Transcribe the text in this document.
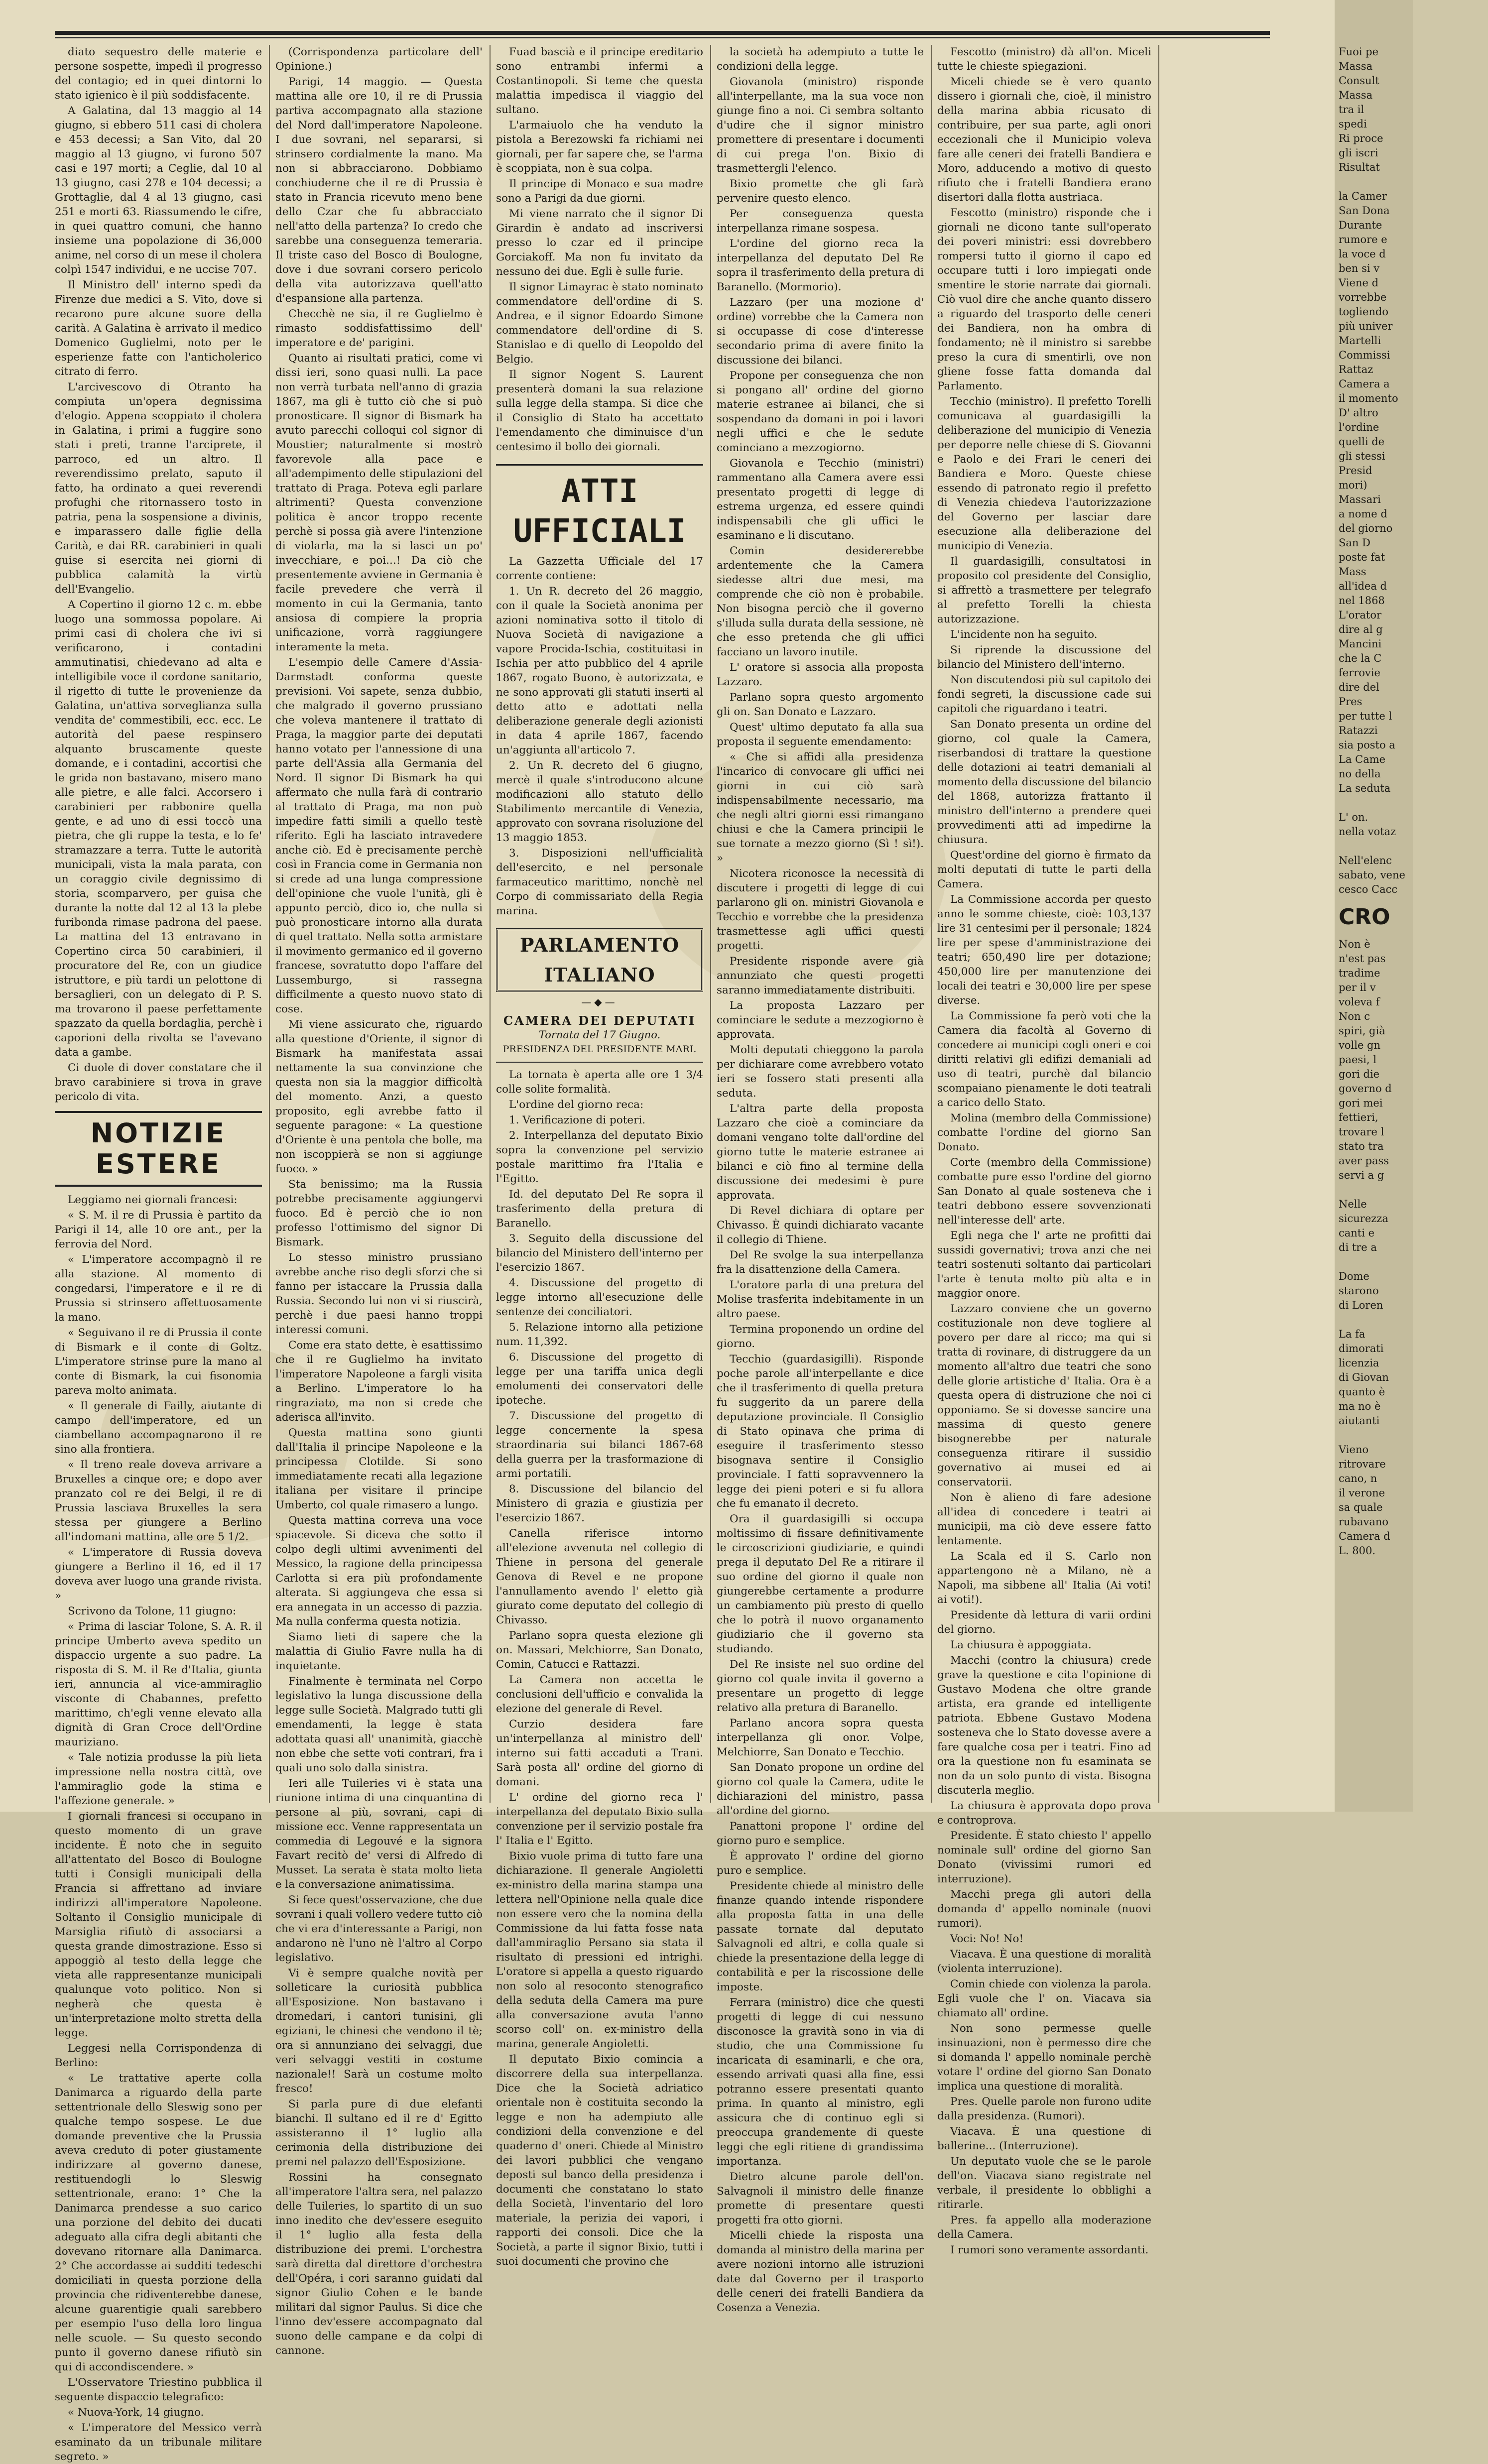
diato sequestro delle materie e persone sospette, impedì il progresso del contagio; ed in quei dintorni lo stato igienico è il più soddisfacente.

A Galatina, dal 13 maggio al 14 giugno, si ebbero 511 casi di cholera e 453 decessi; a San Vito, dal 20 maggio al 13 giugno, vi furono 507 casi e 197 morti; a Ceglie, dal 10 al 13 giugno, casi 278 e 104 decessi; a Grottaglie, dal 4 al 13 giugno, casi 251 e morti 63. Riassumendo le cifre, in quei quattro comuni, che hanno insieme una popolazione di 36,000 anime, nel corso di un mese il cholera colpì 1547 individui, e ne uccise 707.

Il Ministro dell' interno spedì da Firenze due medici a S. Vito, dove si recarono pure alcune suore della carità. A Galatina è arrivato il medico Domenico Guglielmi, noto per le esperienze fatte con l'anticholerico citrato di ferro.

L'arcivescovo di Otranto ha compiuta un'opera degnissima d'elogio. Appena scoppiato il cholera in Galatina, i primi a fuggire sono stati i preti, tranne l'arciprete, il parroco, ed un altro. Il reverendissimo prelato, saputo il fatto, ha ordinato a quei reverendi profughi che ritornassero tosto in patria, pena la sospensione a divinis, e imparassero dalle figlie della Carità, e dai RR. carabinieri in quali guise si esercita nei giorni di pubblica calamità la virtù dell'Evangelio.

A Copertino il giorno 12 c. m. ebbe luogo una sommossa popolare. Ai primi casi di cholera che ivi si verificarono, i contadini ammutinatisi, chiedevano ad alta e intelligibile voce il cordone sanitario, il rigetto di tutte le provenienze da Galatina, un'attiva sorveglianza sulla vendita de' commestibili, ecc. ecc. Le autorità del paese respinsero alquanto bruscamente queste domande, e i contadini, accortisi che le grida non bastavano, misero mano alle pietre, e alle falci. Accorsero i carabinieri per rabbonire quella gente, e ad uno di essi toccò una pietra, che gli ruppe la testa, e lo fe' stramazzare a terra. Tutte le autorità municipali, vista la mala parata, con un coraggio civile degnissimo di storia, scomparvero, per guisa che durante la notte dal 12 al 13 la plebe furibonda rimase padrona del paese. La mattina del 13 entravano in Copertino circa 50 carabinieri, il procuratore del Re, con un giudice istruttore, e più tardi un pelottone di bersaglieri, con un delegato di P. S. ma trovarono il paese perfettamente spazzato da quella bordaglia, perchè i caporioni della rivolta se l'avevano data a gambe.

Ci duole di dover constatare che il bravo carabiniere si trova in grave pericolo di vita.

NOTIZIE ESTERE

Leggiamo nei giornali francesi:

« S. M. il re di Prussia è partito da Parigi il 14, alle 10 ore ant., per la ferrovia del Nord.

« L'imperatore accompagnò il re alla stazione. Al momento di congedarsi, l'imperatore e il re di Prussia si strinsero affettuosamente la mano.

« Seguivano il re di Prussia il conte di Bismark e il conte di Goltz. L'imperatore strinse pure la mano al conte di Bismark, la cui fisonomia pareva molto animata.

« Il generale di Failly, aiutante di campo dell'imperatore, ed un ciambellano accompagnarono il re sino alla frontiera.

« Il treno reale doveva arrivare a Bruxelles a cinque ore; e dopo aver pranzato col re dei Belgi, il re di Prussia lasciava Bruxelles la sera stessa per giungere a Berlino all'indomani mattina, alle ore 5 1/2.

« L'imperatore di Russia doveva giungere a Berlino il 16, ed il 17 doveva aver luogo una grande rivista. »

Scrivono da Tolone, 11 giugno:

« Prima di lasciar Tolone, S. A. R. il principe Umberto aveva spedito un dispaccio urgente a suo padre. La risposta di S. M. il Re d'Italia, giunta ieri, annuncia al vice-ammiraglio visconte di Chabannes, prefetto marittimo, ch'egli venne elevato alla dignità di Gran Croce dell'Ordine mauriziano.

« Tale notizia produsse la più lieta impressione nella nostra città, ove l'ammiraglio gode la stima e l'affezione generale. »

I giornali francesi si occupano in questo momento di un grave incidente. È noto che in seguito all'attentato del Bosco di Boulogne tutti i Consigli municipali della Francia si affrettano ad inviare indirizzi all'imperatore Napoleone. Soltanto il Consiglio municipale di Marsiglia rifiutò di associarsi a questa grande dimostrazione. Esso si appoggiò al testo della legge che vieta alle rappresentanze municipali qualunque voto politico. Non si negherà che questa è un'interpretazione molto stretta della legge.

Leggesi nella Corrispondenza di Berlino:

« Le trattative aperte colla Danimarca a riguardo della parte settentrionale dello Sleswig sono per qualche tempo sospese. Le due domande preventive che la Prussia aveva creduto di poter giustamente indirizzare al governo danese, restituendogli lo Sleswig settentrionale, erano: 1° Che la Danimarca prendesse a suo carico una porzione del debito dei ducati adeguato alla cifra degli abitanti che dovevano ritornare alla Danimarca. 2° Che accordasse ai sudditi tedeschi domiciliati in questa porzione della provincia che ridiventerebbe danese, alcune guarentigie quali sarebbero per esempio l'uso della loro lingua nelle scuole. — Su questo secondo punto il governo danese rifiutò sin qui di accondiscendere. »

L'Osservatore Triestino pubblica il seguente dispaccio telegrafico:

« Nuova-York, 14 giugno.

« L'imperatore del Messico verrà esaminato da un tribunale militare segreto. »

(Corrispondenza particolare dell' Opinione.)

Parigi, 14 maggio. — Questa mattina alle ore 10, il re di Prussia partiva accompagnato alla stazione del Nord dall'imperatore Napoleone. I due sovrani, nel separarsi, si strinsero cordialmente la mano. Ma non si abbracciarono. Dobbiamo conchiuderne che il re di Prussia è stato in Francia ricevuto meno bene dello Czar che fu abbracciato nell'atto della partenza? Io credo che sarebbe una conseguenza temeraria. Il triste caso del Bosco di Boulogne, dove i due sovrani corsero pericolo della vita autorizzava quell'atto d'espansione alla partenza.

Checchè ne sia, il re Guglielmo è rimasto soddisfattissimo dell' imperatore e de' parigini.

Quanto ai risultati pratici, come vi dissi ieri, sono quasi nulli. La pace non verrà turbata nell'anno di grazia 1867, ma gli è tutto ciò che si può pronosticare. Il signor di Bismark ha avuto parecchi colloqui col signor di Moustier; naturalmente si mostrò favorevole alla pace e all'adempimento delle stipulazioni del trattato di Praga. Poteva egli parlare altrimenti? Questa convenzione politica è ancor troppo recente perchè si possa già avere l'intenzione di violarla, ma la si lasci un po' invecchiare, e poi...! Da ciò che presentemente avviene in Germania è facile prevedere che verrà il momento in cui la Germania, tanto ansiosa di compiere la propria unificazione, vorrà raggiungere interamente la meta.

L'esempio delle Camere d'Assia-Darmstadt conforma queste previsioni. Voi sapete, senza dubbio, che malgrado il governo prussiano che voleva mantenere il trattato di Praga, la maggior parte dei deputati hanno votato per l'annessione di una parte dell'Assia alla Germania del Nord. Il signor Di Bismark ha qui affermato che nulla farà di contrario al trattato di Praga, ma non può impedire fatti simili a quello testè riferito. Egli ha lasciato intravedere anche ciò. Ed è precisamente perchè così in Francia come in Germania non si crede ad una lunga compressione dell'opinione che vuole l'unità, gli è appunto perciò, dico io, che nulla si può pronosticare intorno alla durata di quel trattato. Nella sotta armistare il movimento germanico ed il governo francese, sovratutto dopo l'affare del Lussemburgo, si rassegna difficilmente a questo nuovo stato di cose.

Mi viene assicurato che, riguardo alla questione d'Oriente, il signor di Bismark ha manifestata assai nettamente la sua convinzione che questa non sia la maggior difficoltà del momento. Anzi, a questo proposito, egli avrebbe fatto il seguente paragone: « La questione d'Oriente è una pentola che bolle, ma non iscoppierà se non si aggiunge fuoco. »

Sta benissimo; ma la Russia potrebbe precisamente aggiungervi fuoco. Ed è perciò che io non professo l'ottimismo del signor Di Bismark.

Lo stesso ministro prussiano avrebbe anche riso degli sforzi che si fanno per istaccare la Prussia dalla Russia. Secondo lui non vi si riuscirà, perchè i due paesi hanno troppi interessi comuni.

Come era stato dette, è esattissimo che il re Guglielmo ha invitato l'imperatore Napoleone a fargli visita a Berlino. L'imperatore lo ha ringraziato, ma non si crede che aderisca all'invito.

Questa mattina sono giunti dall'Italia il principe Napoleone e la principessa Clotilde. Si sono immediatamente recati alla legazione italiana per visitare il principe Umberto, col quale rimasero a lungo.

Questa mattina correva una voce spiacevole. Si diceva che sotto il colpo degli ultimi avvenimenti del Messico, la ragione della principessa Carlotta si era più profondamente alterata. Si aggiungeva che essa si era annegata in un accesso di pazzia. Ma nulla conferma questa notizia.

Siamo lieti di sapere che la malattia di Giulio Favre nulla ha di inquietante.

Finalmente è terminata nel Corpo legislativo la lunga discussione della legge sulle Società. Malgrado tutti gli emendamenti, la legge è stata adottata quasi all' unanimità, giacchè non ebbe che sette voti contrari, fra i quali uno solo dalla sinistra.

Ieri alle Tuileries vi è stata una riunione intima di una cinquantina di persone al più, sovrani, capi di missione ecc. Venne rappresentata un commedia di Legouvé e la signora Favart recitò de' versi di Alfredo di Musset. La serata è stata molto lieta e la conversazione animatissima.

Si fece quest'osservazione, che due sovrani i quali vollero vedere tutto ciò che vi era d'interessante a Parigi, non andarono nè l'uno nè l'altro al Corpo legislativo.

Vi è sempre qualche novità per solleticare la curiosità pubblica all'Esposizione. Non bastavano i dromedari, i cantori tunisini, gli egiziani, le chinesi che vendono il tè; ora si annunziano dei selvaggi, due veri selvaggi vestiti in costume nazionale!! Sarà un costume molto fresco!

Si parla pure di due elefanti bianchi. Il sultano ed il re d' Egitto assisteranno il 1° luglio alla cerimonia della distribuzione dei premi nel palazzo dell'Esposizione.

Rossini ha consegnato all'imperatore l'altra sera, nel palazzo delle Tuileries, lo spartito di un suo inno inedito che dev'essere eseguito il 1° luglio alla festa della distribuzione dei premi. L'orchestra sarà diretta dal direttore d'orchestra dell'Opéra, i cori saranno guidati dal signor Giulio Cohen e le bande militari dal signor Paulus. Si dice che l'inno dev'essere accompagnato dal suono delle campane e da colpi di cannone.

Fuad bascià e il principe ereditario sono entrambi infermi a Costantinopoli. Si teme che questa malattia impedisca il viaggio del sultano.

L'armaiuolo che ha venduto la pistola a Berezowski fa richiami nei giornali, per far sapere che, se l'arma è scoppiata, non è sua colpa.

Il principe di Monaco e sua madre sono a Parigi da due giorni.

Mi viene narrato che il signor Di Girardin è andato ad inscriversi presso lo czar ed il principe Gorciakoff. Ma non fu invitato da nessuno dei due. Egli è sulle furie.

Il signor Limayrac è stato nominato commendatore dell'ordine di S. Andrea, e il signor Edoardo Simone commendatore dell'ordine di S. Stanislao e di quello di Leopoldo del Belgio.

Il signor Nogent S. Laurent presenterà domani la sua relazione sulla legge della stampa. Si dice che il Consiglio di Stato ha accettato l'emendamento che diminuisce d'un centesimo il bollo dei giornali.

ATTI UFFICIALI

La Gazzetta Ufficiale del 17 corrente contiene:

1. Un R. decreto del 26 maggio, con il quale la Società anonima per azioni nominativa sotto il titolo di Nuova Società di navigazione a vapore Procida-Ischia, costituitasi in Ischia per atto pubblico del 4 aprile 1867, rogato Buono, è autorizzata, e ne sono approvati gli statuti inserti al detto atto e adottati nella deliberazione generale degli azionisti in data 4 aprile 1867, facendo un'aggiunta all'articolo 7.

2. Un R. decreto del 6 giugno, mercè il quale s'introducono alcune modificazioni allo statuto dello Stabilimento mercantile di Venezia, approvato con sovrana risoluzione del 13 maggio 1853.

3. Disposizioni nell'ufficialità dell'esercito, e nel personale farmaceutico marittimo, nonchè nel Corpo di commissariato della Regia marina.

PARLAMENTO ITALIANO
—◆—
CAMERA DEI DEPUTATI
Tornata del 17 Giugno.
PRESIDENZA DEL PRESIDENTE MARI.

La tornata è aperta alle ore 1 3/4 colle solite formalità.

L'ordine del giorno reca:

1. Verificazione di poteri.

2. Interpellanza del deputato Bixio sopra la convenzione pel servizio postale marittimo fra l'Italia e l'Egitto.

Id. del deputato Del Re sopra il trasferimento della pretura di Baranello.

3. Seguito della discussione del bilancio del Ministero dell'interno per l'esercizio 1867.

4. Discussione del progetto di legge intorno all'esecuzione delle sentenze dei conciliatori.

5. Relazione intorno alla petizione num. 11,392.

6. Discussione del progetto di legge per una tariffa unica degli emolumenti dei conservatori delle ipoteche.

7. Discussione del progetto di legge concernente la spesa straordinaria sui bilanci 1867-68 della guerra per la trasformazione di armi portatili.

8. Discussione del bilancio del Ministero di grazia e giustizia per l'esercizio 1867.

Canella riferisce intorno all'elezione avvenuta nel collegio di Thiene in persona del generale Genova di Revel e ne propone l'annullamento avendo l' eletto già giurato come deputato del collegio di Chivasso.

Parlano sopra questa elezione gli on. Massari, Melchiorre, San Donato, Comin, Catucci e Rattazzi.

La Camera non accetta le conclusioni dell'ufficio e convalida la elezione del generale di Revel.

Curzio desidera fare un'interpellanza al ministro dell' interno sui fatti accaduti a Trani. Sarà posta all' ordine del giorno di domani.

L' ordine del giorno reca l' interpellanza del deputato Bixio sulla convenzione per il servizio postale fra l' Italia e l' Egitto.

Bixio vuole prima di tutto fare una dichiarazione. Il generale Angioletti ex-ministro della marina stampa una lettera nell'Opinione nella quale dice non essere vero che la nomina della Commissione da lui fatta fosse nata dall'ammiraglio Persano sia stata il risultato di pressioni ed intrighi. L'oratore si appella a questo riguardo non solo al resoconto stenografico della seduta della Camera ma pure alla conversazione avuta l'anno scorso coll' on. ex-ministro della marina, generale Angioletti.

Il deputato Bixio comincia a discorrere della sua interpellanza. Dice che la Società adriatico orientale non è costituita secondo la legge e non ha adempiuto alle condizioni della convenzione e del quaderno d' oneri. Chiede al Ministro dei lavori pubblici che vengano deposti sul banco della presidenza i documenti che constatano lo stato della Società, l'inventario del loro materiale, la perizia dei vapori, i rapporti dei consoli. Dice che la Società, a parte il signor Bixio, tutti i suoi documenti che provino che

la società ha adempiuto a tutte le condizioni della legge.

Giovanola (ministro) risponde all'interpellante, ma la sua voce non giunge fino a noi. Ci sembra soltanto d'udire che il signor ministro promettere di presentare i documenti di cui prega l'on. Bixio di trasmettergli l'elenco.

Bixio promette che gli farà pervenire questo elenco.

Per conseguenza questa interpellanza rimane sospesa.

L'ordine del giorno reca la interpellanza del deputato Del Re sopra il trasferimento della pretura di Baranello. (Mormorio).

Lazzaro (per una mozione d' ordine) vorrebbe che la Camera non si occupasse di cose d'interesse secondario prima di avere finito la discussione dei bilanci.

Propone per conseguenza che non si pongano all' ordine del giorno materie estranee ai bilanci, che si sospendano da domani in poi i lavori negli uffici e che le sedute cominciano a mezzogiorno.

Giovanola e Tecchio (ministri) rammentano alla Camera avere essi presentato progetti di legge di estrema urgenza, ed essere quindi indispensabili che gli uffici le esaminano e li discutano.

Comin desidererebbe ardentemente che la Camera siedesse altri due mesi, ma comprende che ciò non è probabile. Non bisogna perciò che il governo s'illuda sulla durata della sessione, nè che esso pretenda che gli uffici facciano un lavoro inutile.

L' oratore si associa alla proposta Lazzaro.

Parlano sopra questo argomento gli on. San Donato e Lazzaro.

Quest' ultimo deputato fa alla sua proposta il seguente emendamento:

« Che si affidi alla presidenza l'incarico di convocare gli uffici nei giorni in cui ciò sarà indispensabilmente necessario, ma che negli altri giorni essi rimangano chiusi e che la Camera principii le sue tornate a mezzo giorno (Sì ! sì!). »

Nicotera riconosce la necessità di discutere i progetti di legge di cui parlarono gli on. ministri Giovanola e Tecchio e vorrebbe che la presidenza trasmettesse agli uffici questi progetti.

Presidente risponde avere già annunziato che questi progetti saranno immediatamente distribuiti.

La proposta Lazzaro per cominciare le sedute a mezzogiorno è approvata.

Molti deputati chieggono la parola per dichiarare come avrebbero votato ieri se fossero stati presenti alla seduta.

L'altra parte della proposta Lazzaro che cioè a cominciare da domani vengano tolte dall'ordine del giorno tutte le materie estranee ai bilanci e ciò fino al termine della discussione dei medesimi è pure approvata.

Di Revel dichiara di optare per Chivasso. È quindi dichiarato vacante il collegio di Thiene.

Del Re svolge la sua interpellanza fra la disattenzione della Camera.

L'oratore parla di una pretura del Molise trasferita indebitamente in un altro paese.

Termina proponendo un ordine del giorno.

Tecchio (guardasigilli). Risponde poche parole all'interpellante e dice che il trasferimento di quella pretura fu suggerito da un parere della deputazione provinciale. Il Consiglio di Stato opinava che prima di eseguire il trasferimento stesso bisognava sentire il Consiglio provinciale. I fatti sopravvennero la legge dei pieni poteri e si fu allora che fu emanato il decreto.

Ora il guardasigilli si occupa moltissimo di fissare definitivamente le circoscrizioni giudiziarie, e quindi prega il deputato Del Re a ritirare il suo ordine del giorno il quale non giungerebbe certamente a produrre un cambiamento più presto di quello che lo potrà il nuovo organamento giudiziario che il governo sta studiando.

Del Re insiste nel suo ordine del giorno col quale invita il governo a presentare un progetto di legge relativo alla pretura di Baranello.

Parlano ancora sopra questa interpellanza gli onor. Volpe, Melchiorre, San Donato e Tecchio.

San Donato propone un ordine del giorno col quale la Camera, udite le dichiarazioni del ministro, passa all'ordine del giorno.

Panattoni propone l' ordine del giorno puro e semplice.

È approvato l' ordine del giorno puro e semplice.

Presidente chiede al ministro delle finanze quando intende rispondere alla proposta fatta in una delle passate tornate dal deputato Salvagnoli ed altri, e colla quale si chiede la presentazione della legge di contabilità e per la riscossione delle imposte.

Ferrara (ministro) dice che questi progetti di legge di cui nessuno disconosce la gravità sono in via di studio, che una Commissione fu incaricata di esaminarli, e che ora, essendo arrivati quasi alla fine, essi potranno essere presentati quanto prima. In quanto al ministro, egli assicura che di continuo egli si preoccupa grandemente di queste leggi che egli ritiene di grandissima importanza.

Dietro alcune parole dell'on. Salvagnoli il ministro delle finanze promette di presentare questi progetti fra otto giorni.

Micelli chiede la risposta una domanda al ministro della marina per avere nozioni intorno alle istruzioni date dal Governo per il trasporto delle ceneri dei fratelli Bandiera da Cosenza a Venezia.

Fescotto (ministro) dà all'on. Miceli tutte le chieste spiegazioni.

Miceli chiede se è vero quanto dissero i giornali che, cioè, il ministro della marina abbia ricusato di contribuire, per sua parte, agli onori eccezionali che il Municipio voleva fare alle ceneri dei fratelli Bandiera e Moro, adducendo a motivo di questo rifiuto che i fratelli Bandiera erano disertori dalla flotta austriaca.

Fescotto (ministro) risponde che i giornali ne dicono tante sull'operato dei poveri ministri: essi dovrebbero rompersi tutto il giorno il capo ed occupare tutti i loro impiegati onde smentire le storie narrate dai giornali. Ciò vuol dire che anche quanto dissero a riguardo del trasporto delle ceneri dei Bandiera, non ha ombra di fondamento; nè il ministro si sarebbe preso la cura di smentirli, ove non gliene fosse fatta domanda dal Parlamento.

Tecchio (ministro). Il prefetto Torelli comunicava al guardasigilli la deliberazione del municipio di Venezia per deporre nelle chiese di S. Giovanni e Paolo e dei Frari le ceneri dei Bandiera e Moro. Queste chiese essendo di patronato regio il prefetto di Venezia chiedeva l'autorizzazione del Governo per lasciar dare esecuzione alla deliberazione del municipio di Venezia.

Il guardasigilli, consultatosi in proposito col presidente del Consiglio, si affrettò a trasmettere per telegrafo al prefetto Torelli la chiesta autorizzazione.

L'incidente non ha seguito.

Si riprende la discussione del bilancio del Ministero dell'interno.

Non discutendosi più sul capitolo dei fondi segreti, la discussione cade sui capitoli che riguardano i teatri.

San Donato presenta un ordine del giorno, col quale la Camera, riserbandosi di trattare la questione delle dotazioni ai teatri demaniali al momento della discussione del bilancio del 1868, autorizza frattanto il ministro dell'interno a prendere quei provvedimenti atti ad impedirne la chiusura.

Quest'ordine del giorno è firmato da molti deputati di tutte le parti della Camera.

La Commissione accorda per questo anno le somme chieste, cioè: 103,137 lire 31 centesimi per il personale; 1824 lire per spese d'amministrazione dei teatri; 650,490 lire per dotazione; 450,000 lire per manutenzione dei locali dei teatri e 30,000 lire per spese diverse.

La Commissione fa però voti che la Camera dia facoltà al Governo di concedere ai municipi cogli oneri e coi diritti relativi gli edifizi demaniali ad uso di teatri, purchè dal bilancio scompaiano pienamente le doti teatrali a carico dello Stato.

Molina (membro della Commissione) combatte l'ordine del giorno San Donato.

Corte (membro della Commissione) combatte pure esso l'ordine del giorno San Donato al quale sosteneva che i teatri debbono essere sovvenzionati nell'interesse dell' arte.

Egli nega che l' arte ne profitti dai sussidi governativi; trova anzi che nei teatri sostenuti soltanto dai particolari l'arte è tenuta molto più alta e in maggior onore.

Lazzaro conviene che un governo costituzionale non deve togliere al povero per dare al ricco; ma qui si tratta di rovinare, di distruggere da un momento all'altro due teatri che sono delle glorie artistiche d' Italia. Ora è a questa opera di distruzione che noi ci opponiamo. Se si dovesse sancire una massima di questo genere bisognerebbe per naturale conseguenza ritirare il sussidio governativo ai musei ed ai conservatorii.

Non è alieno di fare adesione all'idea di concedere i teatri ai municipii, ma ciò deve essere fatto lentamente.

La Scala ed il S. Carlo non appartengono nè a Milano, nè a Napoli, ma sibbene all' Italia (Ai voti! ai voti!).

Presidente dà lettura di varii ordini del giorno.

La chiusura è appoggiata.

Macchi (contro la chiusura) crede grave la questione e cita l'opinione di Gustavo Modena che oltre grande artista, era grande ed intelligente patriota. Ebbene Gustavo Modena sosteneva che lo Stato dovesse avere a fare qualche cosa per i teatri. Fino ad ora la questione non fu esaminata se non da un solo punto di vista. Bisogna discuterla meglio.

La chiusura è approvata dopo prova e controprova.

Presidente. È stato chiesto l' appello nominale sull' ordine del giorno San Donato (vivissimi rumori ed interruzione).

Macchi prega gli autori della domanda d' appello nominale (nuovi rumori).

Voci: No! No!

Viacava. È una questione di moralità (violenta interruzione).

Comin chiede con violenza la parola. Egli vuole che l' on. Viacava sia chiamato all' ordine.

Non sono permesse quelle insinuazioni, non è permesso dire che si domanda l' appello nominale perchè votare l' ordine del giorno San Donato implica una questione di moralità.

Pres. Quelle parole non furono udite dalla presidenza. (Rumori).

Viacava. È una questione di ballerine... (Interruzione).

Un deputato vuole che se le parole dell'on. Viacava siano registrate nel verbale, il presidente lo obblighi a ritirarle.

Pres. fa appello alla moderazione della Camera.

I rumori sono veramente assordanti.

Fuoi pe
Massa
Consult
Massa
tra il
spedi
Ri proce
gli iscri
Risultat

la Camer
San Dona
Durante
rumore e
la voce d
ben si v
Viene d
vorrebbe
togliendo
più univer
Martelli
Commissi
Rattaz
Camera a
il momento
D' altro
l'ordine
quelli de
gli stessi
Presid
mori)
Massari
a nome d
del giorno
San D
poste fat
Mass
all'idea d
nel 1868
L'orator
dire al g
Mancini
che la C
ferrovie
dire del
Pres
per tutte l
Ratazzi
sia posto a
La Came
no della
La seduta

L' on.
nella votaz

Nell'elenc
sabato, vene
cesco Cacc
CRO
Non è
n'est pas
tradime
per il v
voleva f
Non c
spiri, già
volle gn
paesi, l
gori die
governo d
gori mei
fettieri,
trovare l
stato tra
aver pass
servi a g

Nelle
sicurezza
canti e
di tre a

Dome
starono
di Loren

La fa
dimorati
licenzia
di Giovan
quanto è
ma no è
aiutanti

Vieno
ritrovare
cano, n
il verone
sa quale
rubavano
Camera d
L. 800.
